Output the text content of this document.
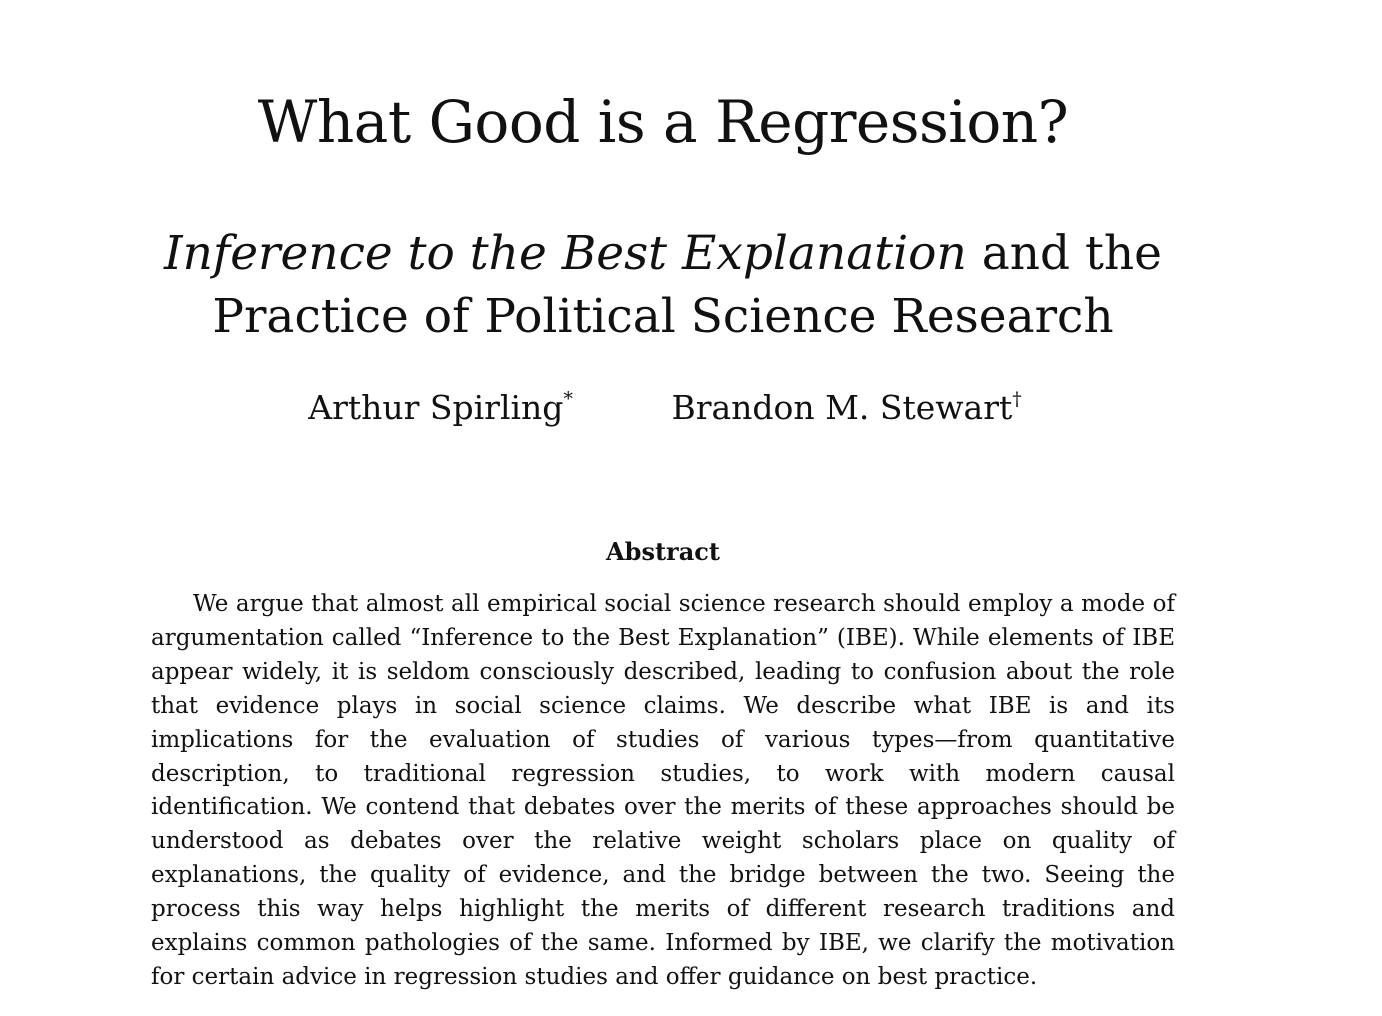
What Good is a Regression?
Inference to the Best Explanation and the Practice of Political Science Research
Arthur Spirling*	Brandon M. Stewart†
Abstract

We argue that almost all empirical social science research should employ a mode of argumentation called “Inference to the Best Explanation” (IBE). While elements of IBE appear widely, it is seldom consciously described, leading to confusion about the role that evidence plays in social science claims. We describe what IBE is and its implications for the evaluation of studies of various types—from quantitative description, to traditional regression studies, to work with modern causal identification. We contend that debates over the merits of these approaches should be understood as debates over the relative weight scholars place on quality of explanations, the quality of evidence, and the bridge between the two. Seeing the process this way helps highlight the merits of different research traditions and explains common pathologies of the same. Informed by IBE, we clarify the motivation for certain advice in regression studies and offer guidance on best practice.
